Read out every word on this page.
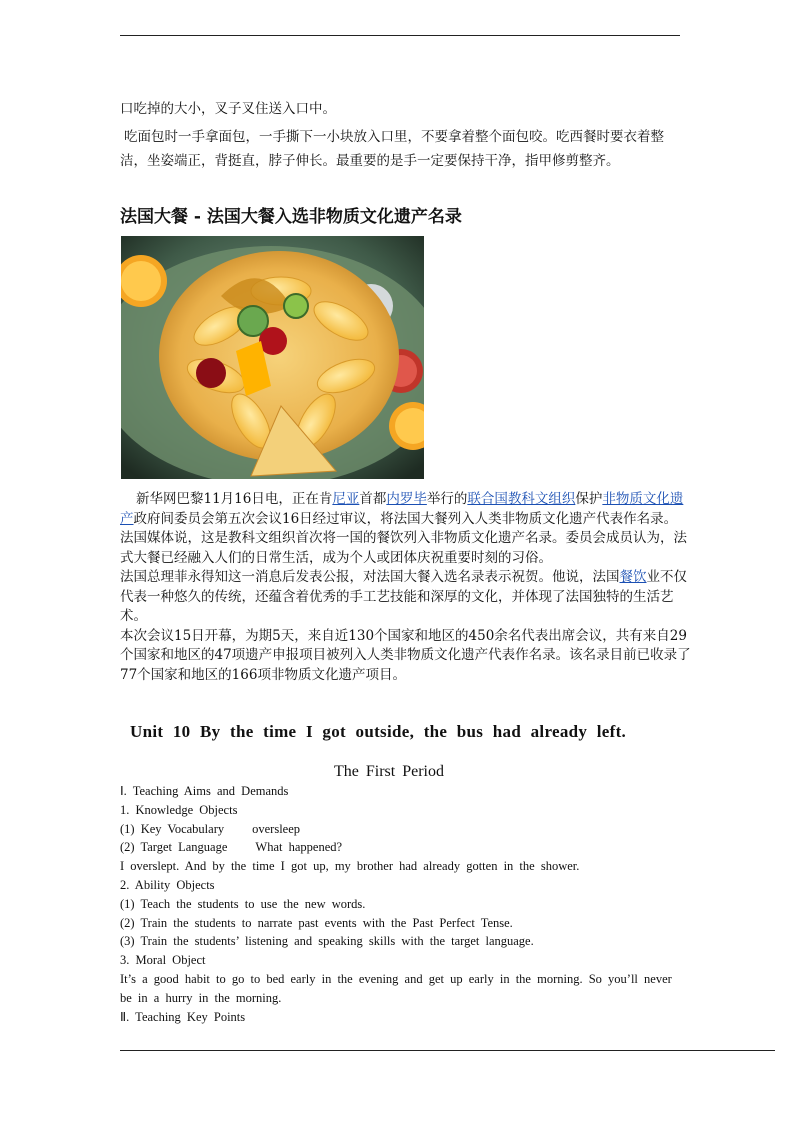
口吃掉的大小，叉子叉住送入口中。
吃面包时一手拿面包，一手撕下一小块放入口里，不要拿着整个面包咬。吃西餐时要衣着整洁，坐姿端正，背挺直，脖子伸长。最重要的是手一定要保持干净，指甲修剪整齐。
法国大餐 - 法国大餐入选非物质文化遗产名录

新华网巴黎11月16日电，正在肯尼亚首都内罗毕举行的联合国教科文组织保护非物质文化遗产政府间委员会第五次会议16日经过审议，将法国大餐列入人类非物质文化遗产代表作名录。

法国媒体说，这是教科文组织首次将一国的餐饮列入非物质文化遗产名录。委员会成员认为，法式大餐已经融入人们的日常生活，成为个人或团体庆祝重要时刻的习俗。

法国总理菲永得知这一消息后发表公报，对法国大餐入选名录表示祝贺。他说，法国餐饮业不仅代表一种悠久的传统，还蕴含着优秀的手工艺技能和深厚的文化，并体现了法国独特的生活艺术。

本次会议15日开幕，为期5天，来自近130个国家和地区的450余名代表出席会议，共有来自29个国家和地区的47项遗产申报项目被列入人类非物质文化遗产代表作名录。该名录目前已收录了77个国家和地区的166项非物质文化遗产项目。

Unit 10 By the time I got outside, the bus had already left.
The First Period
Ⅰ. Teaching Aims and Demands
1. Knowledge Objects
(1) Key Vocabulary oversleep
(2) Target Language What happened?
I overslept. And by the time I got up, my brother had already gotten in the shower.
2. Ability Objects
(1) Teach the students to use the new words.
(2) Train the students to narrate past events with the Past Perfect Tense.
(3) Train the students’ listening and speaking skills with the target language.
3. Moral Object
It’s a good habit to go to bed early in the evening and get up early in the morning. So you’ll never be in a hurry in the morning.
Ⅱ. Teaching Key Points
